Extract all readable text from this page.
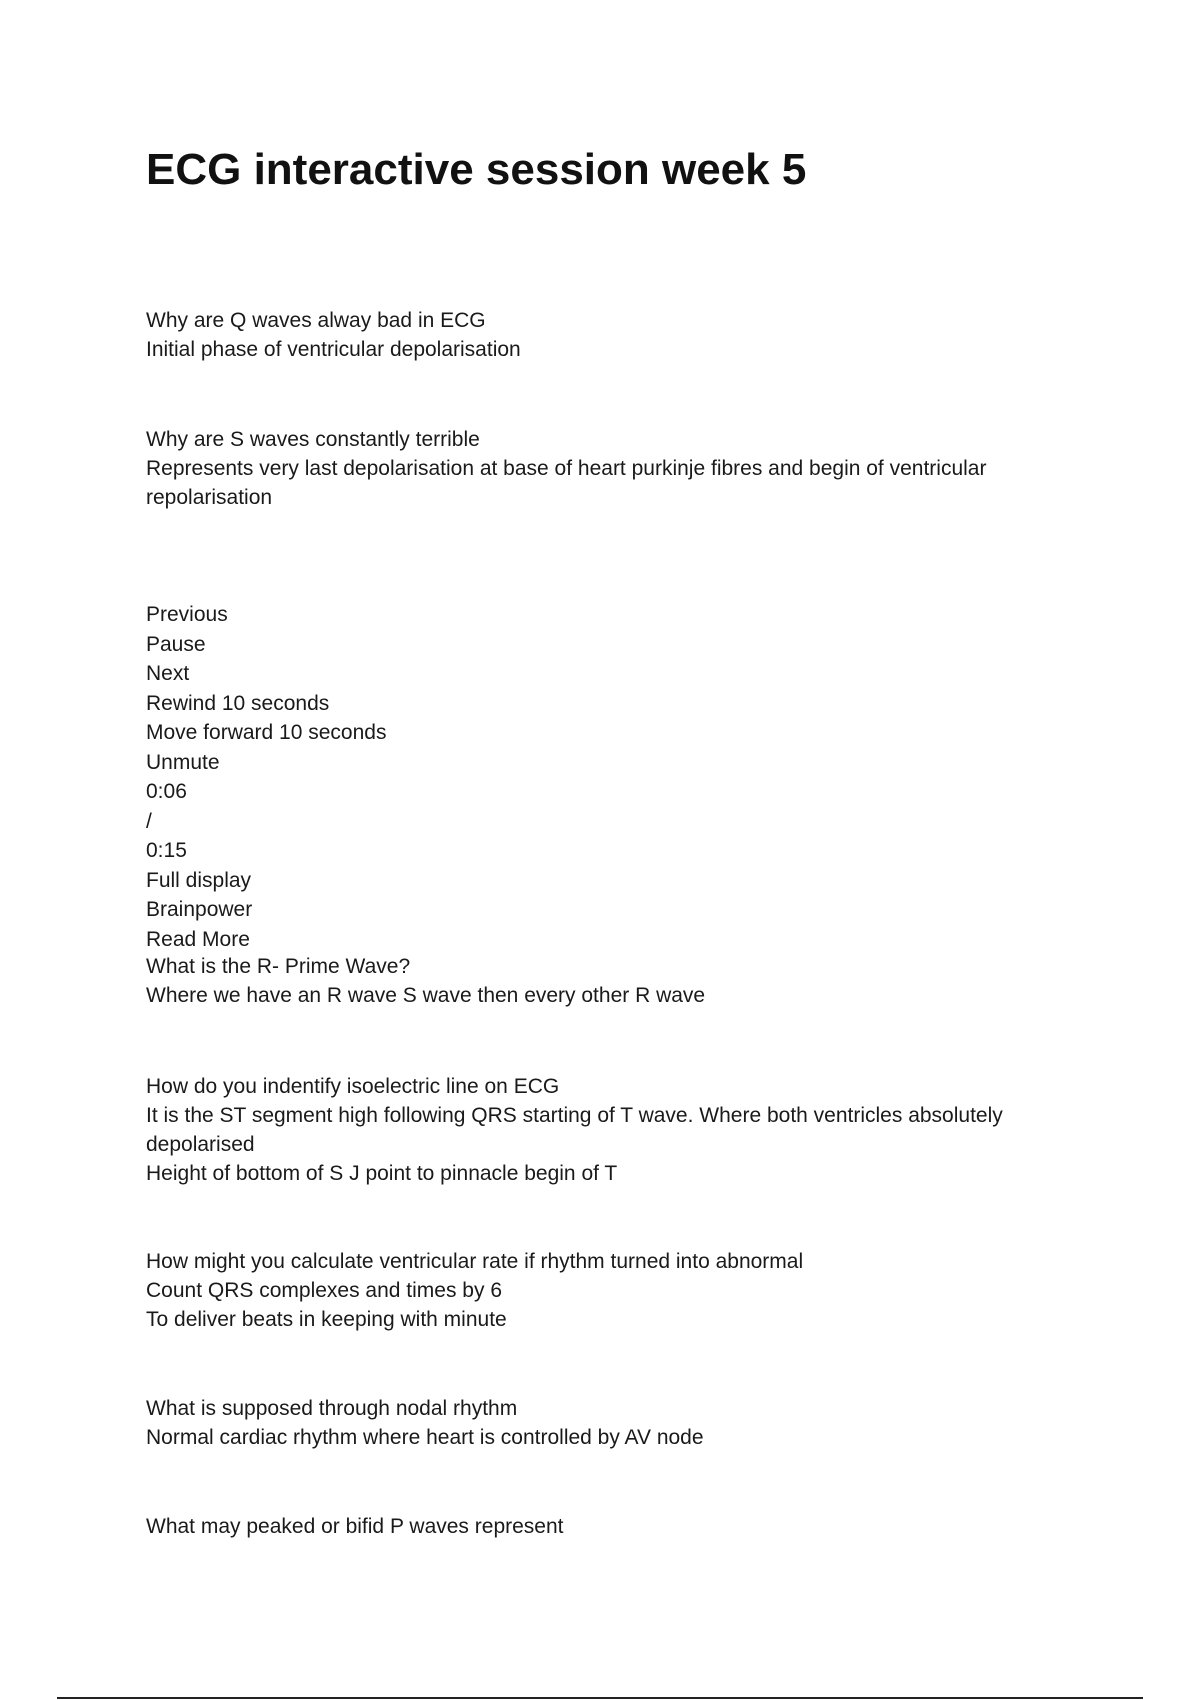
ECG interactive session week 5
Why are Q waves alway bad in ECG
Initial phase of ventricular depolarisation
Why are S waves constantly terrible
Represents very last depolarisation at base of heart purkinje fibres and begin of ventricular repolarisation
Previous
Pause
Next
Rewind 10 seconds
Move forward 10 seconds
Unmute
0:06
/
0:15
Full display
Brainpower
Read More
What is the R- Prime Wave?
Where we have an R wave S wave then every other R wave
How do you indentify isoelectric line on ECG
It is the ST segment high following QRS starting of T wave. Where both ventricles absolutely depolarised
Height of bottom of S J point to pinnacle begin of T
How might you calculate ventricular rate if rhythm turned into abnormal
Count QRS complexes and times by 6
To deliver beats in keeping with minute
What is supposed through nodal rhythm
Normal cardiac rhythm where heart is controlled by AV node
What may peaked or bifid P waves represent
